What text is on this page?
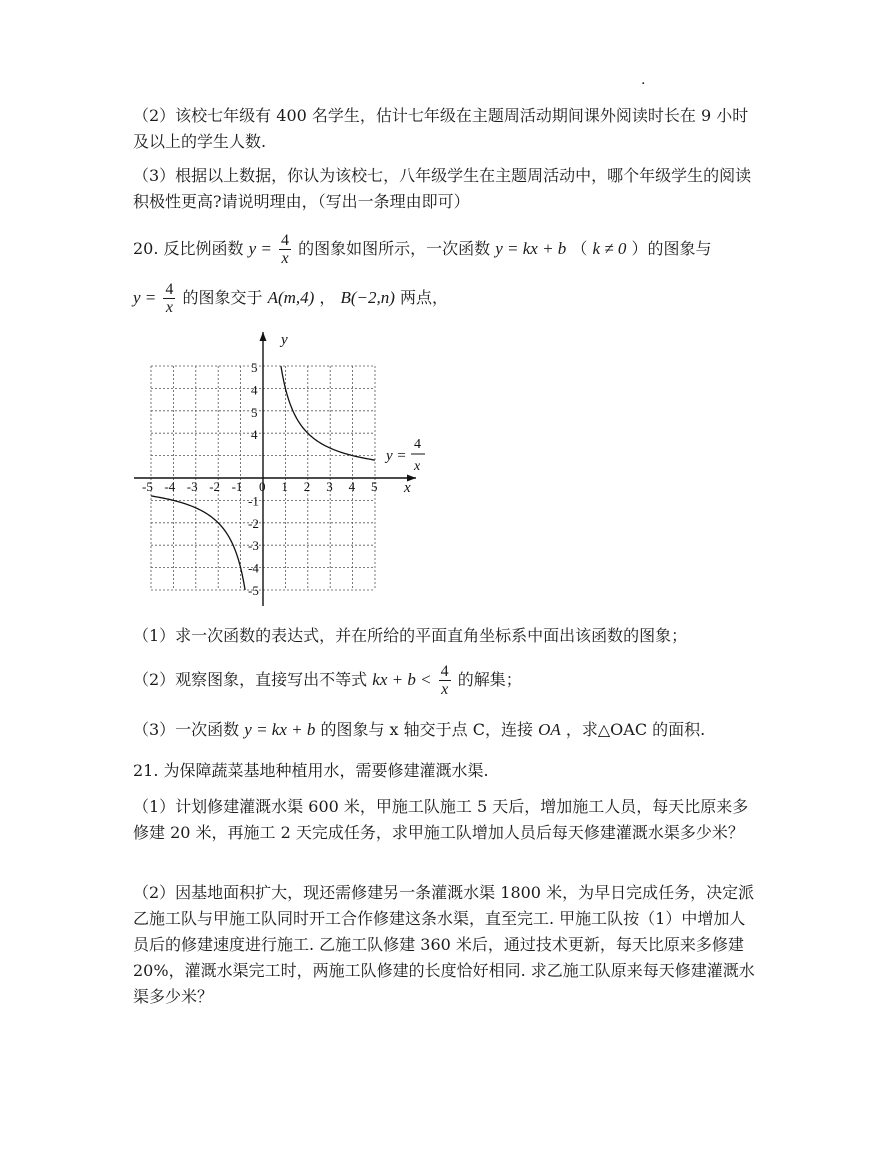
.

（2）该校七年级有 400 名学生，估计七年级在主题周活动期间课外阅读时长在 9 小时及以上的学生人数.

（3）根据以上数据，你认为该校七，八年级学生在主题周活动中，哪个年级学生的阅读积极性更高?请说明理由，（写出一条理由即可）

20. 反比例函数 $y = \frac{4}{x}$ 的图象如图所示，一次函数 y = kx + b （ k ≠ 0 ）的图象与
$y = \frac{4}{x}$ 的图象交于 A(m,4) ， B(−2,n) 两点，
y
x
y =
4
x
-5 -4 -3 -2 -1 0 1 2 3 4 5
5
4
5
4
-1
-2
-3
-4
-5

（1）求一次函数的表达式，并在所给的平面直角坐标系中面出该函数的图象；

（2）观察图象，直接写出不等式 kx + $b < \frac{4}{x}$ 的解集；
（3）一次函数 y = kx + b 的图象与 x 轴交于点 C，连接 OA ，求△OAC 的面积.

21. 为保障蔬菜基地种植用水，需要修建灌溉水渠.

（1）计划修建灌溉水渠 600 米，甲施工队施工 5 天后，增加施工人员，每天比原来多修建 20 米，再施工 2 天完成任务，求甲施工队增加人员后每天修建灌溉水渠多少米？

（2）因基地面积扩大，现还需修建另一条灌溉水渠 1800 米，为早日完成任务，决定派乙施工队与甲施工队同时开工合作修建这条水渠，直至完工. 甲施工队按（1）中增加人员后的修建速度进行施工. 乙施工队修建 360 米后，通过技术更新，每天比原来多修建 20%，灌溉水渠完工时，两施工队修建的长度恰好相同. 求乙施工队原来每天修建灌溉水渠多少米？
